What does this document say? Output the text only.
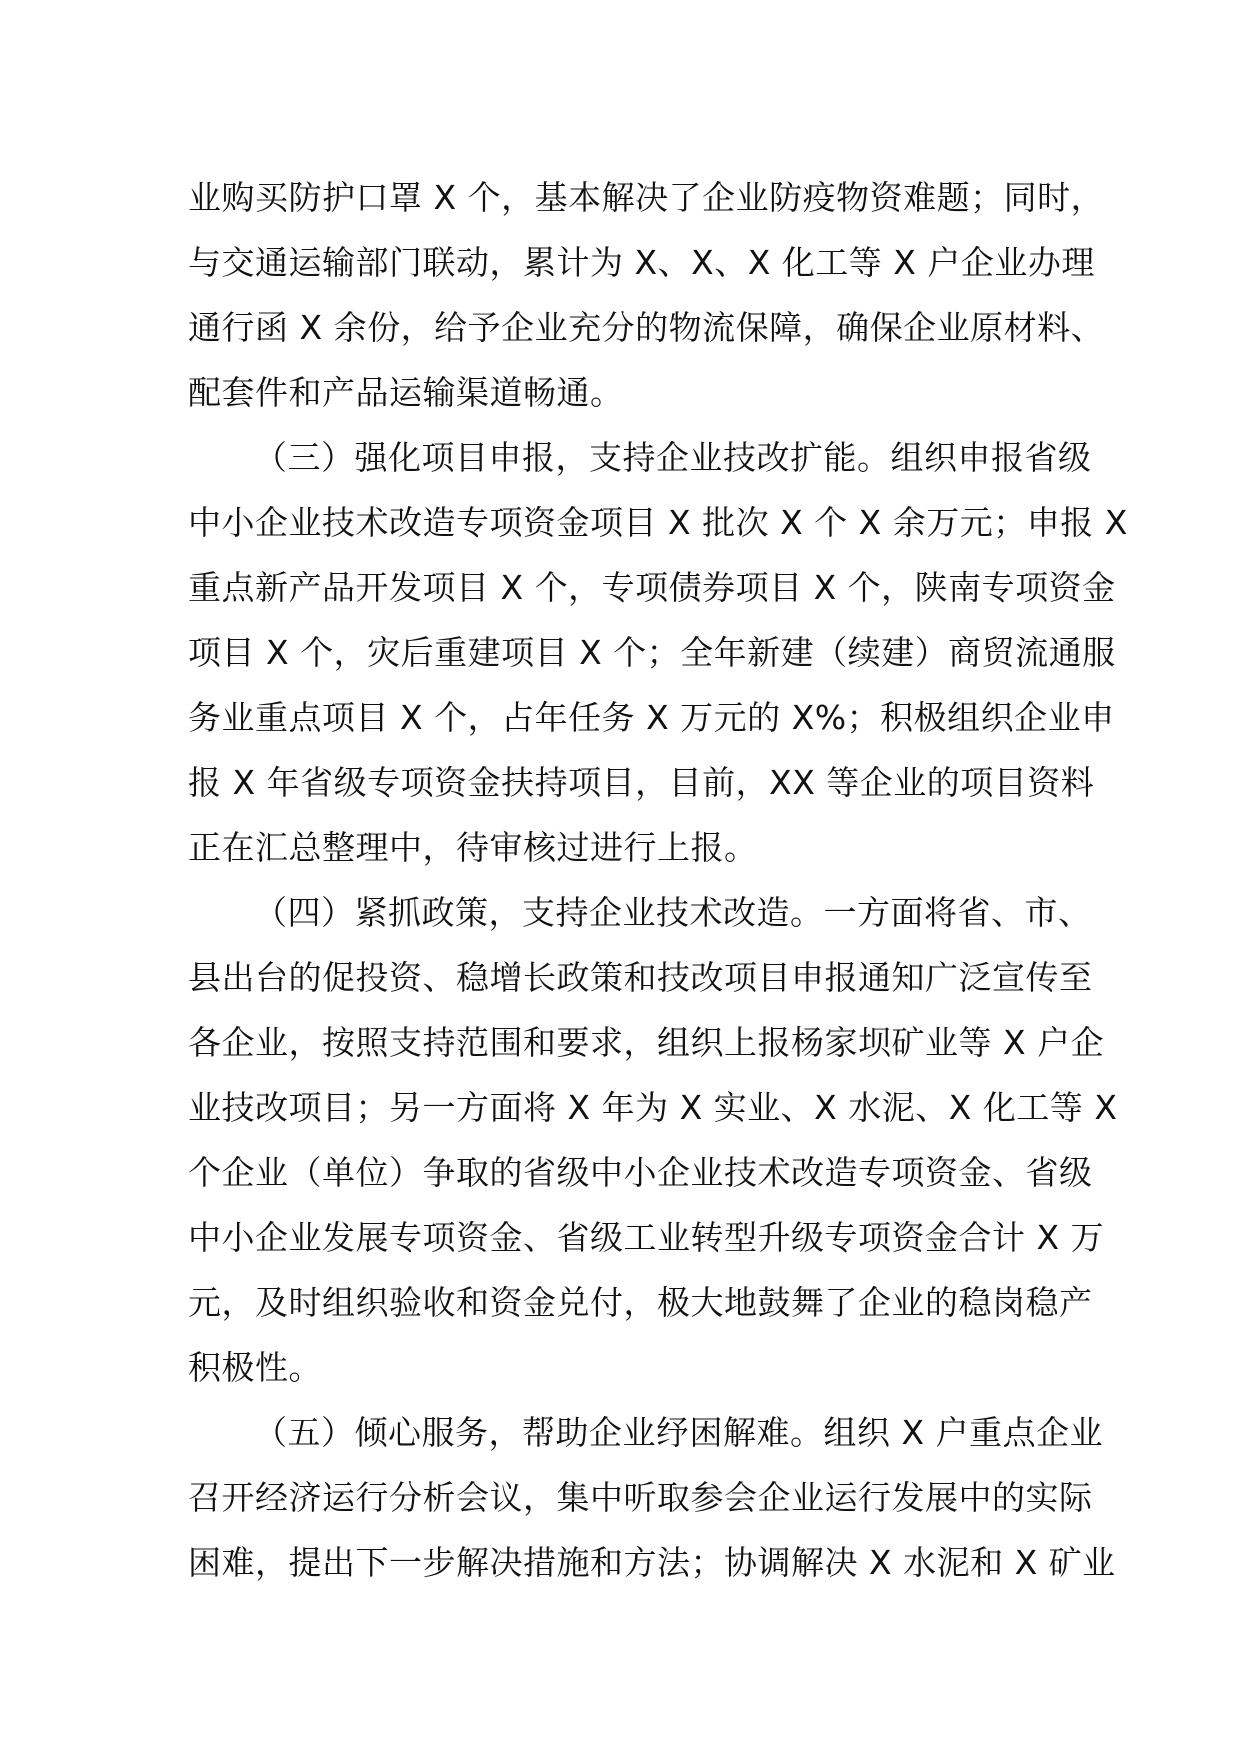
业购买防护口罩 X 个，基本解决了企业防疫物资难题；同时，
与交通运输部门联动，累计为 X、X、X 化工等 X 户企业办理
通行函 X 余份，给予企业充分的物流保障，确保企业原材料、
配套件和产品运输渠道畅通。
（三）强化项目申报，支持企业技改扩能。组织申报省级
中小企业技术改造专项资金项目 X 批次 X 个 X 余万元；申报 X
重点新产品开发项目 X 个，专项债券项目 X 个，陕南专项资金
项目 X 个，灾后重建项目 X 个；全年新建（续建）商贸流通服
务业重点项目 X 个，占年任务 X 万元的 X%；积极组织企业申
报 X 年省级专项资金扶持项目，目前，XX 等企业的项目资料
正在汇总整理中，待审核过进行上报。
（四）紧抓政策，支持企业技术改造。一方面将省、市、
县出台的促投资、稳增长政策和技改项目申报通知广泛宣传至
各企业，按照支持范围和要求，组织上报杨家坝矿业等 X 户企
业技改项目；另一方面将 X 年为 X 实业、X 水泥、X 化工等 X
个企业（单位）争取的省级中小企业技术改造专项资金、省级
中小企业发展专项资金、省级工业转型升级专项资金合计 X 万
元，及时组织验收和资金兑付，极大地鼓舞了企业的稳岗稳产
积极性。
（五）倾心服务，帮助企业纾困解难。组织 X 户重点企业
召开经济运行分析会议，集中听取参会企业运行发展中的实际
困难，提出下一步解决措施和方法；协调解决 X 水泥和 X 矿业
